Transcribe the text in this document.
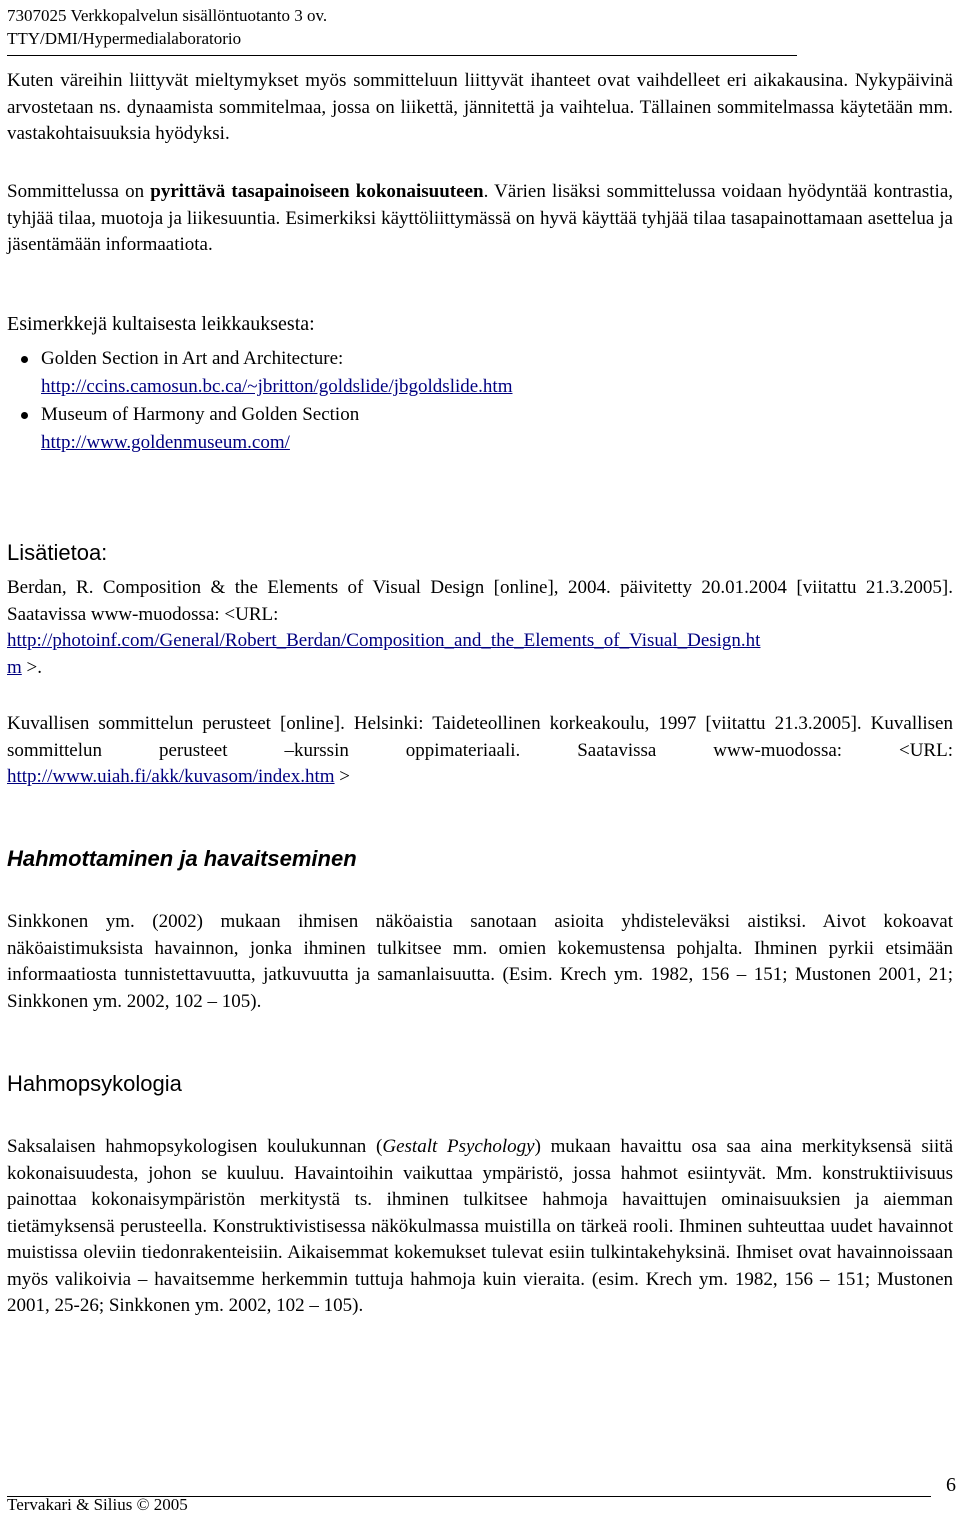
7307025 Verkkopalvelun sisällöntuotanto 3 ov.
TTY/DMI/Hypermedialaboratorio
Kuten väreihin liittyvät mieltymykset myös sommitteluun liittyvät ihanteet ovat vaihdelleet eri aikakausina. Nykypäivinä arvostetaan ns. dynaamista sommitelmaa, jossa on liikettä, jännitettä ja vaihtelua. Tällainen sommitelmassa käytetään mm. vastakohtaisuuksia hyödyksi.
Sommittelussa on pyrittävä tasapainoiseen kokonaisuuteen. Värien lisäksi sommittelussa voidaan hyödyntää kontrastia, tyhjää tilaa, muotoja ja liikesuuntia. Esimerkiksi käyttöliittymässä on hyvä käyttää tyhjää tilaa tasapainottamaan asettelua ja jäsentämään informaatiota.
Esimerkkejä kultaisesta leikkauksesta:
Golden Section in Art and Architecture:
http://ccins.camosun.bc.ca/~jbritton/goldslide/jbgoldslide.htm
Museum of Harmony and Golden Section
http://www.goldenmuseum.com/
Lisätietoa:
Berdan, R. Composition & the Elements of Visual Design [online], 2004. päivitetty 20.01.2004 [viitattu 21.3.2005]. Saatavissa www-muodossa: <URL:
http://photoinf.com/General/Robert_Berdan/Composition_and_the_Elements_of_Visual_Design.ht
m >.
Kuvallisen sommittelun perusteet [online]. Helsinki: Taideteollinen korkeakoulu, 1997 [viitattu 21.3.2005]. Kuvallisen sommittelun perusteet –kurssin oppimateriaali. Saatavissa www-muodossa: <URL: http://www.uiah.fi/akk/kuvasom/index.htm >
Hahmottaminen ja havaitseminen
Sinkkonen ym. (2002) mukaan ihmisen näköaistia sanotaan asioita yhdisteleväksi aistiksi. Aivot kokoavat näköaistimuksista havainnon, jonka ihminen tulkitsee mm. omien kokemustensa pohjalta. Ihminen pyrkii etsimään informaatiosta tunnistettavuutta, jatkuvuutta ja samanlaisuutta. (Esim. Krech ym. 1982, 156 – 151; Mustonen 2001, 21; Sinkkonen ym. 2002, 102 – 105).
Hahmopsykologia
Saksalaisen hahmopsykologisen koulukunnan (Gestalt Psychology) mukaan havaittu osa saa aina merkityksensä siitä kokonaisuudesta, johon se kuuluu. Havaintoihin vaikuttaa ympäristö, jossa hahmot esiintyvät. Mm. konstruktiivisuus painottaa kokonaisympäristön merkitystä ts. ihminen tulkitsee hahmoja havaittujen ominaisuuksien ja aiemman tietämyksensä perusteella. Konstruktivistisessa näkökulmassa muistilla on tärkeä rooli. Ihminen suhteuttaa uudet havainnot muistissa oleviin tiedonrakenteisiin. Aikaisemmat kokemukset tulevat esiin tulkintakehyksinä. Ihmiset ovat havainnoissaan myös valikoivia – havaitsemme herkemmin tuttuja hahmoja kuin vieraita. (esim. Krech ym. 1982, 156 – 151; Mustonen 2001, 25-26; Sinkkonen ym. 2002, 102 – 105).
6
Tervakari & Silius © 2005
